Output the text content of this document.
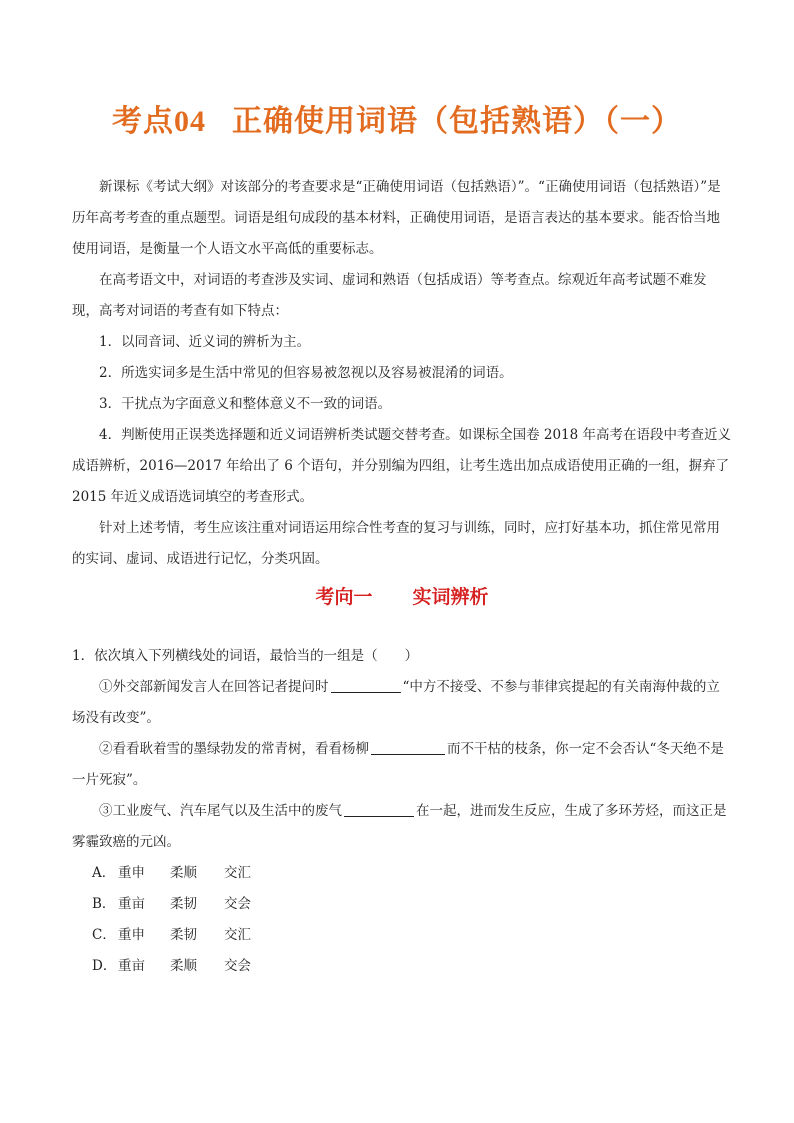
考点04 正确使用词语（包括熟语）（一）

新课标《考试大纲》对该部分的考查要求是“正确使用词语（包括熟语）”。“正确使用词语（包括熟语）”是历年高考考查的重点题型。词语是组句成段的基本材料，正确使用词语，是语言表达的基本要求。能否恰当地使用词语，是衡量一个人语文水平高低的重要标志。

在高考语文中，对词语的考查涉及实词、虚词和熟语（包括成语）等考查点。综观近年高考试题不难发现，高考对词语的考查有如下特点：

1．以同音词、近义词的辨析为主。

2．所选实词多是生活中常见的但容易被忽视以及容易被混淆的词语。

3．干扰点为字面意义和整体意义不一致的词语。

4．判断使用正误类选择题和近义词语辨析类试题交替考查。如课标全国卷 2018 年高考在语段中考查近义成语辨析，2016—2017 年给出了 6 个语句，并分别编为四组，让考生选出加点成语使用正确的一组，摒弃了 2015 年近义成语选词填空的考查形式。

针对上述考情，考生应该注重对词语运用综合性考查的复习与训练，同时，应打好基本功，抓住常见常用的实词、虚词、成语进行记忆，分类巩固。

考向一 实词辨析

1．依次填入下列横线处的词语，最恰当的一组是（　　）

①外交部新闻发言人在回答记者提问时	“中方不接受、不参与菲律宾提起的有关南海仲裁的立场没有改变”。

②看看耿着雪的墨绿勃发的常青树，看看杨柳	而不干枯的枝条，你一定不会否认“冬天绝不是一片死寂”。

③工业废气、汽车尾气以及生活中的废气	在一起，进而发生反应，生成了多环芳烃，而这正是雾霾致癌的元凶。

A． 重申 柔顺 交汇

B． 重亩 柔韧 交会

C． 重申 柔韧 交汇

D． 重亩 柔顺 交会
